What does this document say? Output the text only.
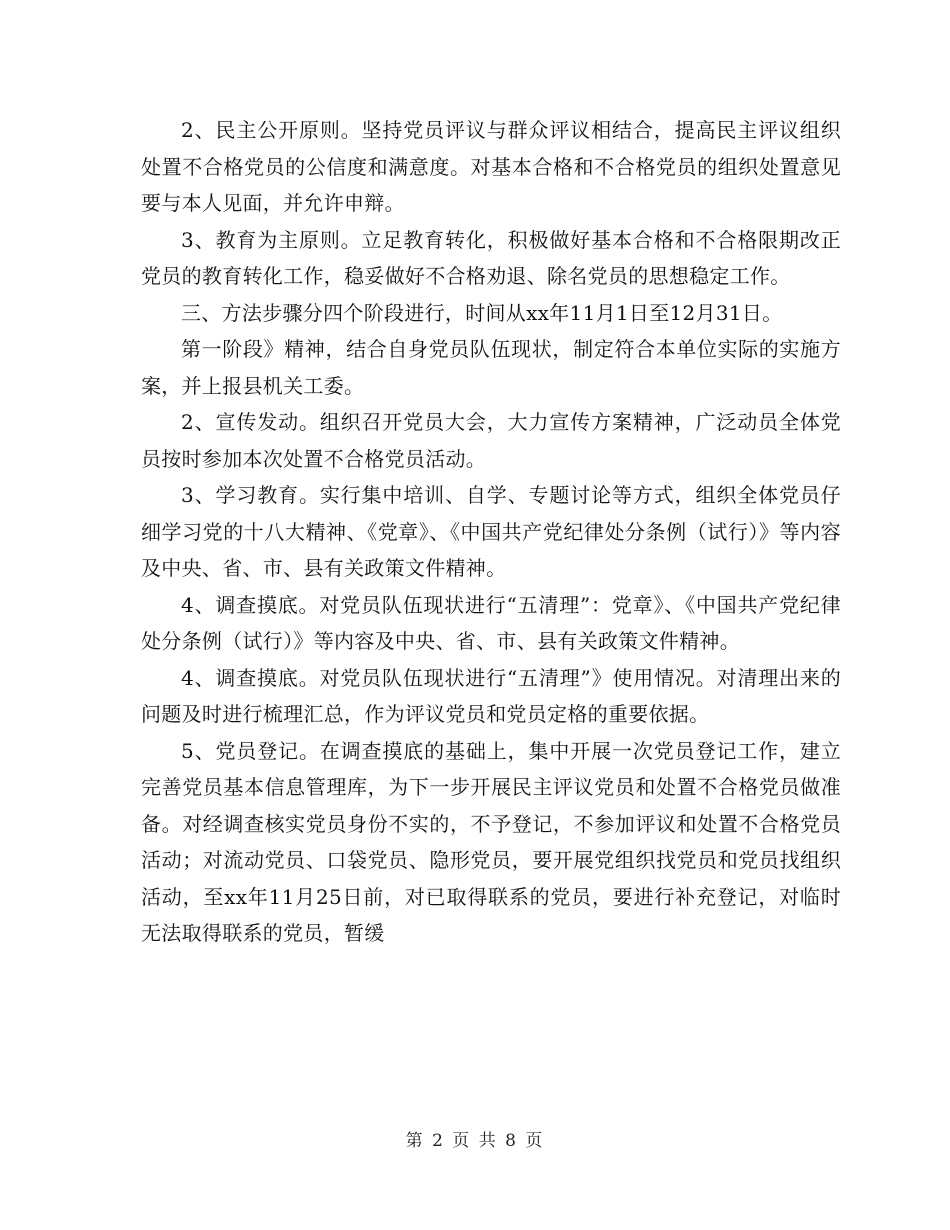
2、民主公开原则。坚持党员评议与群众评议相结合，提高民主评议组织处置不合格党员的公信度和满意度。对基本合格和不合格党员的组织处置意见要与本人见面，并允许申辩。

3、教育为主原则。立足教育转化，积极做好基本合格和不合格限期改正党员的教育转化工作，稳妥做好不合格劝退、除名党员的思想稳定工作。

三、方法步骤分四个阶段进行，时间从xx年11月1日至12月31日。

第一阶段》精神，结合自身党员队伍现状，制定符合本单位实际的实施方案，并上报县机关工委。

2、宣传发动。组织召开党员大会，大力宣传方案精神，广泛动员全体党员按时参加本次处置不合格党员活动。

3、学习教育。实行集中培训、自学、专题讨论等方式，组织全体党员仔细学习党的十八大精神、《党章》、《中国共产党纪律处分条例（试行）》等内容及中央、省、市、县有关政策文件精神。

4、调查摸底。对党员队伍现状进行“五清理”：党章》、《中国共产党纪律处分条例（试行）》等内容及中央、省、市、县有关政策文件精神。

4、调查摸底。对党员队伍现状进行“五清理”》使用情况。对清理出来的问题及时进行梳理汇总，作为评议党员和党员定格的重要依据。

5、党员登记。在调查摸底的基础上，集中开展一次党员登记工作，建立完善党员基本信息管理库，为下一步开展民主评议党员和处置不合格党员做准备。对经调查核实党员身份不实的，不予登记，不参加评议和处置不合格党员活动；对流动党员、口袋党员、隐形党员，要开展党组织找党员和党员找组织活动，至xx年11月25日前，对已取得联系的党员，要进行补充登记，对临时无法取得联系的党员，暂缓

第 2 页 共 8 页
